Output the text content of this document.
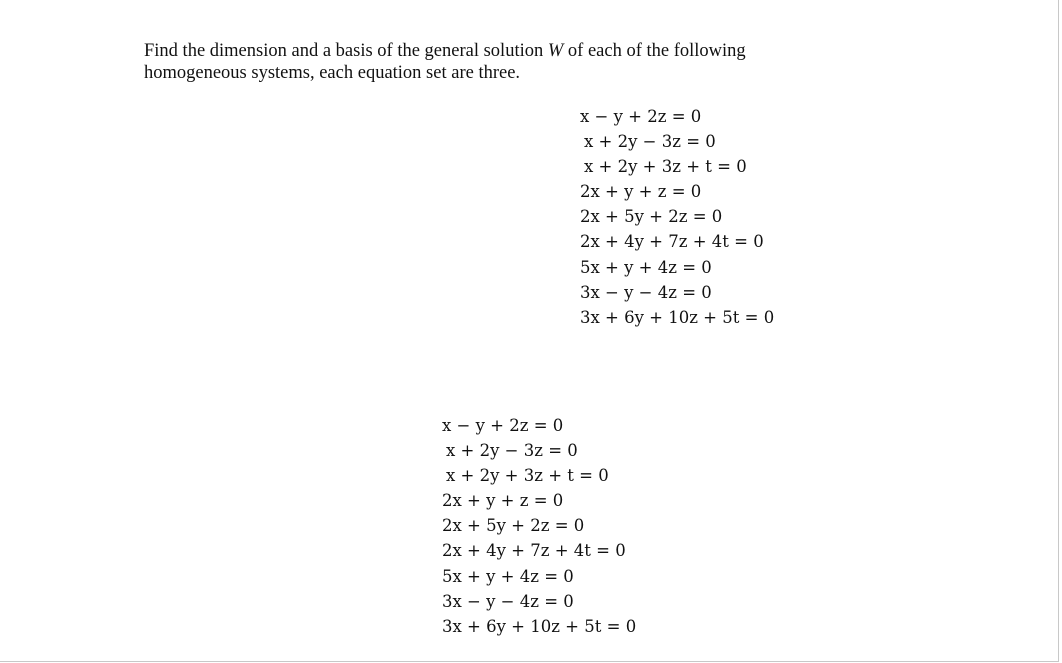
Find the dimension and a basis of the general solution W of each of the following

homogeneous systems, each equation set are three.

x − y + 2z = 0
x + 2y − 3z = 0
x + 2y + 3z + t = 0
2x + y + z = 0
2x + 5y + 2z = 0
2x + 4y + 7z + 4t = 0
5x + y + 4z = 0
3x − y − 4z = 0
3x + 6y + 10z + 5t = 0
x − y + 2z = 0
x + 2y − 3z = 0
x + 2y + 3z + t = 0
2x + y + z = 0
2x + 5y + 2z = 0
2x + 4y + 7z + 4t = 0
5x + y + 4z = 0
3x − y − 4z = 0
3x + 6y + 10z + 5t = 0
